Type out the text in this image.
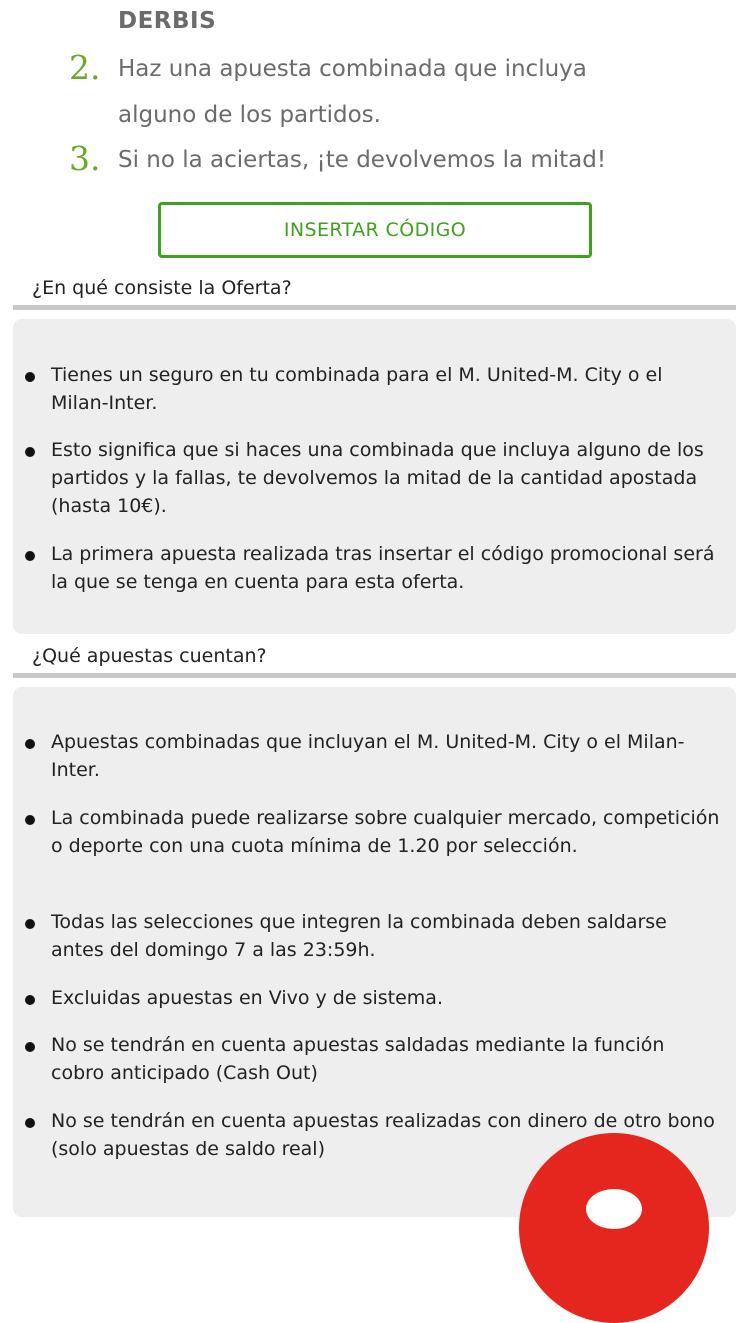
DERBIS
2. Haz una apuesta combinada que incluya
alguno de los partidos.
3. Si no la aciertas, ¡te devolvemos la mitad!
INSERTAR CÓDIGO
¿En qué consiste la Oferta?
Tienes un seguro en tu combinada para el M. United-M. City o el Milan-Inter.
Esto significa que si haces una combinada que incluya alguno de los partidos y la fallas, te devolvemos la mitad de la cantidad apostada (hasta 10€).
La primera apuesta realizada tras insertar el código promocional será la que se tenga en cuenta para esta oferta.
¿Qué apuestas cuentan?
Apuestas combinadas que incluyan el M. United-M. City o el Milan-Inter.
La combinada puede realizarse sobre cualquier mercado, competición o deporte con una cuota mínima de 1.20 por selección.
Todas las selecciones que integren la combinada deben saldarse antes del domingo 7 a las 23:59h.
Excluidas apuestas en Vivo y de sistema.
No se tendrán en cuenta apuestas saldadas mediante la función cobro anticipado (Cash Out)
No se tendrán en cuenta apuestas realizadas con dinero de otro bono (solo apuestas de saldo real)
